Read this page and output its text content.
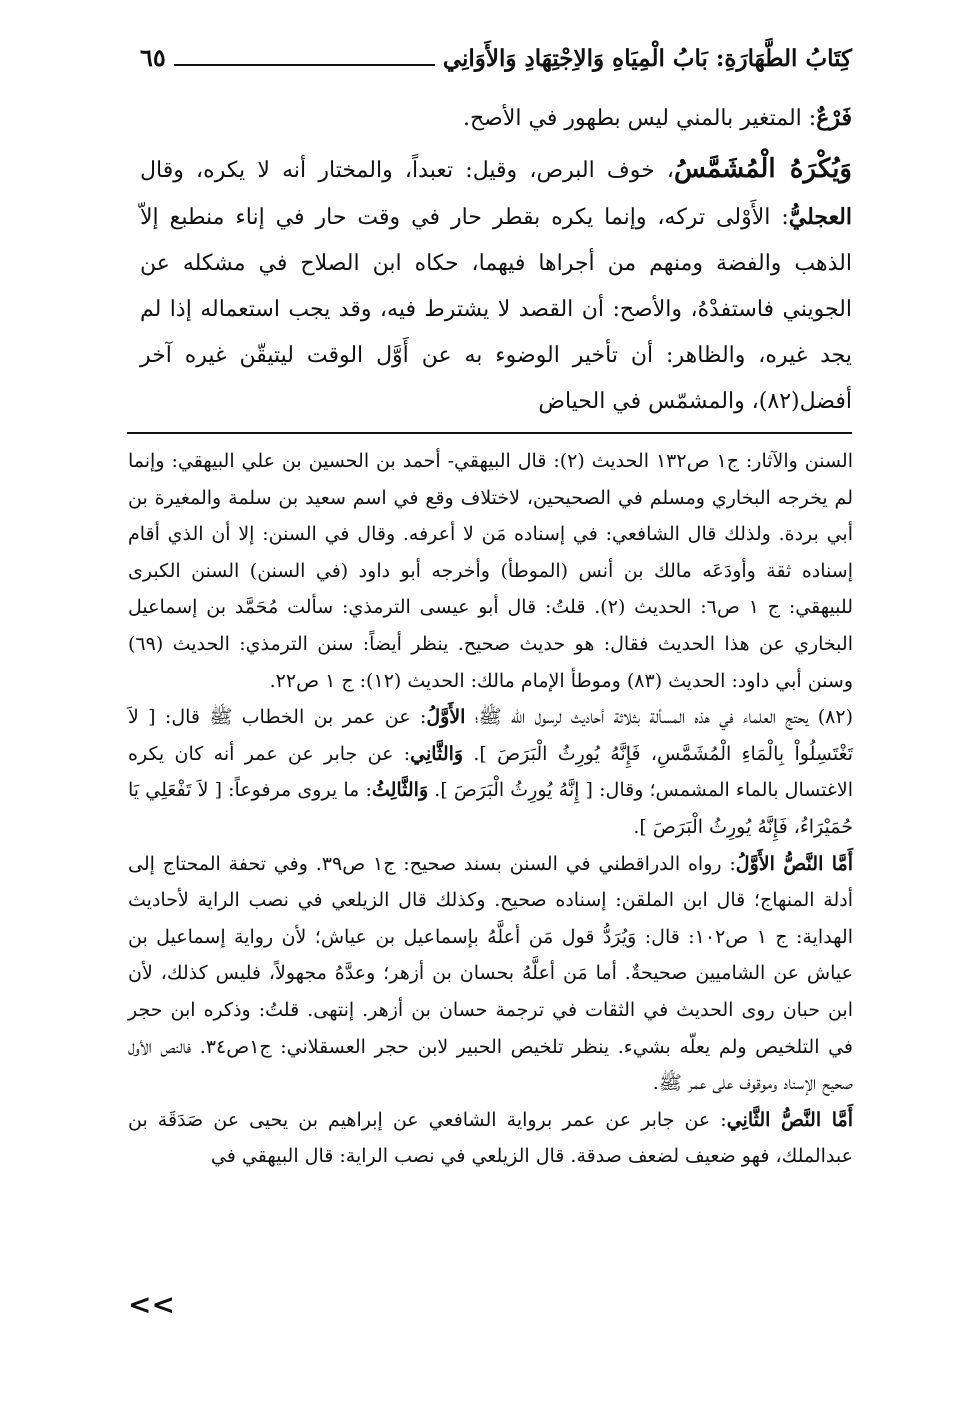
كِتَابُ الطَّهَارَةِ: بَابُ الْمِيَاهِ وَالاِجْتِهَادِ وَالأَوَانِي
٦٥

فَرْعٌ: المتغير بالمني ليس بطهور في الأصح.

وَيُكْرَهُ الْمُشَمَّسُ، خوف البرص، وقيل: تعبداً، والمختار أنه لا يكره، وقال العجليُّ: الأَوْلى تركه، وإنما يكره بقطر حار في وقت حار في إناء منطبع إلاّ الذهب والفضة ومنهم من أجراها فيهما، حكاه ابن الصلاح في مشكله عن الجويني فاستفدْهُ، والأصح: أن القصد لا يشترط فيه، وقد يجب استعماله إذا لم يجد غيره، والظاهر: أن تأخير الوضوء به عن أَوَّل الوقت ليتيقّن غيره آخر أفضل(٨٢)، والمشمّس في الحياض

السنن والآثار: ج١ ص١٣٢ الحديث (٢): قال البيهقي- أحمد بن الحسين بن علي البيهقي: وإنما لم يخرجه البخاري ومسلم في الصحيحين، لاختلاف وقع في اسم سعيد بن سلمة والمغيرة بن أبي بردة. ولذلك قال الشافعي: في إسناده مَن لا أعرفه. وقال في السنن: إلا أن الذي أقام إسناده ثقة وأودَعَه مالك بن أنس (الموطأ) وأخرجه أبو داود (في السنن) السنن الكبرى للبيهقي: ج ١ ص٦: الحديث (٢). قلتُ: قال أبو عيسى الترمذي: سألت مُحَمَّد بن إسماعيل البخاري عن هذا الحديث فقال: هو حديث صحيح. ينظر أيضاً: سنن الترمذي: الحديث (٦٩) وسنن أبي داود: الحديث (٨٣) وموطأ الإمام مالك: الحديث (١٢): ج ١ ص٢٢.

(٨٢) يحتج العلماء في هذه المسألة بثلاثة أحاديث لرسول الله ﷺ؛ الأَوَّلُ: عن عمر بن الخطاب ﷺ قال: [ لاَ تَغْتَسِلُواْ بِالْمَاءِ الْمُشَمَّسِ، فَإِنَّهُ يُورِثُ الْبَرَصَ ]. وَالثَّانِي: عن جابر عن عمر أنه كان يكره الاغتسال بالماء المشمس؛ وقال: [ إِنَّهُ يُورِثُ الْبَرَصَ ]. وَالثَّالِثُ: ما يروى مرفوعاً: [ لاَ تَفْعَلِي يَا حُمَيْرَاءُ، فَإِنَّهُ يُورِثُ الْبَرَصَ ].

أَمَّا النَّصُّ الأَوَّلُ: رواه الدراقطني في السنن بسند صحيح: ج١ ص٣٩. وفي تحفة المحتاج إلى أدلة المنهاج؛ قال ابن الملقن: إسناده صحيح. وكذلك قال الزيلعي في نصب الراية لأحاديث الهداية: ج ١ ص١٠٢: قال: وَيُرَدُّ قول مَن أعلَّهُ بإسماعيل بن عياش؛ لأن رواية إسماعيل بن عياش عن الشاميين صحيحةٌ. أما مَن أعلَّهُ بحسان بن أزهر؛ وعدَّهُ مجهولاً، فليس كذلك، لأن ابن حبان روى الحديث في الثقات في ترجمة حسان بن أزهر. إنتهى. قلتُ: وذكره ابن حجر في التلخيص ولم يعلّه بشيء. ينظر تلخيص الحبير لابن حجر العسقلاني: ج١ص٣٤. فالنص الأول صحيح الإسناد وموقوف على عمر ﷺ.

أَمَّا النَّصُّ الثَّانِي: عن جابر عن عمر برواية الشافعي عن إبراهيم بن يحيى عن صَدَقَة بن عبدالملك، فهو ضعيف لضعف صدقة. قال الزيلعي في نصب الراية: قال البيهقي في

<<
